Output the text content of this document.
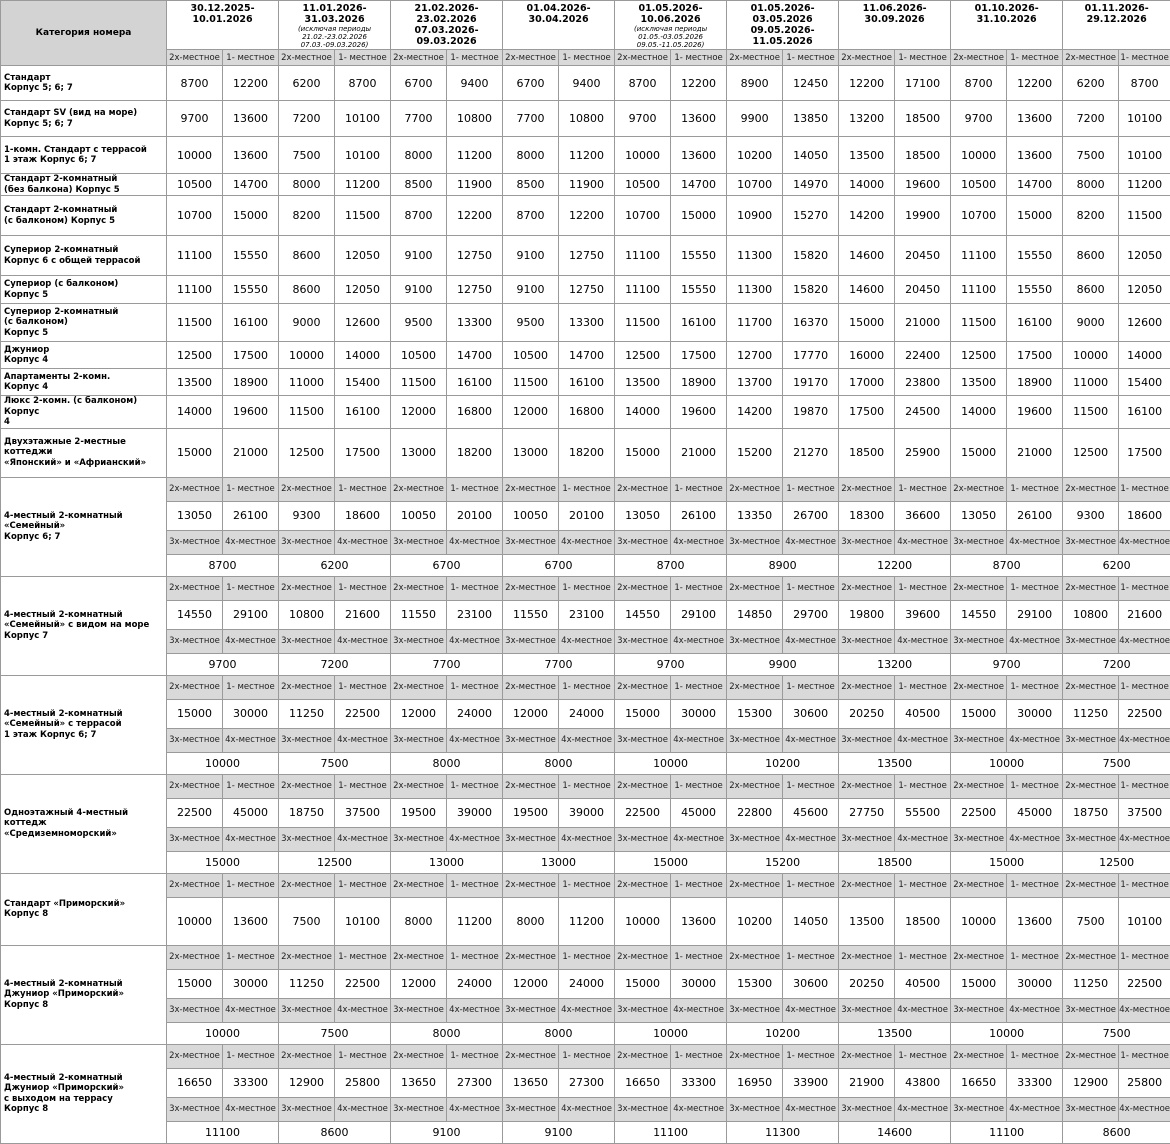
Категория номера	30.12.2025-10.01.2026		11.01.2026-31.03.2026
(исключая периоды
21.02.-23.02.2026
07.03.-09.03.2026)		21.02.2026-23.02.2026
07.03.2026-09.03.2026		01.04.2026-30.04.2026		01.05.2026-10.06.2026
(исключая периоды
01.05.-03.05.2026
09.05.-11.05.2026)		01.05.2026-03.05.2026
09.05.2026-11.05.2026		11.06.2026-30.09.2026		01.10.2026-31.10.2026		01.11.2026-29.12.2026	

	2х-местное	1- местное	2х-местное	1- местное	2х-местное	1- местное	2х-местное	1- местное	2х-местное	1- местное	2х-местное	1- местное	2х-местное	1- местное	2х-местное	1- местное	2х-местное	1- местное

Стандарт
Корпус 5; 6; 7	8700	12200	6200	8700	6700	9400	6700	9400	8700	12200	8900	12450	12200	17100	8700	12200	6200	8700

Стандарт SV (вид на море)
Корпус 5; 6; 7	9700	13600	7200	10100	7700	10800	7700	10800	9700	13600	9900	13850	13200	18500	9700	13600	7200	10100

1-комн. Стандарт с террасой
1 этаж Корпус 6; 7	10000	13600	7500	10100	8000	11200	8000	11200	10000	13600	10200	14050	13500	18500	10000	13600	7500	10100

Стандарт 2-комнатный
(без балкона) Корпус 5	10500	14700	8000	11200	8500	11900	8500	11900	10500	14700	10700	14970	14000	19600	10500	14700	8000	11200

Стандарт 2-комнатный
(с балконом) Корпус 5	10700	15000	8200	11500	8700	12200	8700	12200	10700	15000	10900	15270	14200	19900	10700	15000	8200	11500

Супериор 2-комнатный
Корпус 6 с общей террасой	11100	15550	8600	12050	9100	12750	9100	12750	11100	15550	11300	15820	14600	20450	11100	15550	8600	12050

Супериор (с балконом)
Корпус 5	11100	15550	8600	12050	9100	12750	9100	12750	11100	15550	11300	15820	14600	20450	11100	15550	8600	12050

Супериор 2-комнатный
(с балконом)
Корпус 5	11500	16100	9000	12600	9500	13300	9500	13300	11500	16100	11700	16370	15000	21000	11500	16100	9000	12600

Джуниор
Корпус 4	12500	17500	10000	14000	10500	14700	10500	14700	12500	17500	12700	17770	16000	22400	12500	17500	10000	14000

Апартаменты 2-комн.
Корпус 4	13500	18900	11000	15400	11500	16100	11500	16100	13500	18900	13700	19170	17000	23800	13500	18900	11000	15400

Люкс 2-комн. (с балконом) Корпус
4	14000	19600	11500	16100	12000	16800	12000	16800	14000	19600	14200	19870	17500	24500	14000	19600	11500	16100

Двухэтажные 2-местные коттеджи
«Японский» и «Африанский»	15000	21000	12500	17500	13000	18200	13000	18200	15000	21000	15200	21270	18500	25900	15000	21000	12500	17500

4-местный 2-комнатный
«Семейный»
Корпус 6; 7	2х-местное	1- местное	2х-местное	1- местное	2х-местное	1- местное	2х-местное	1- местное	2х-местное	1- местное	2х-местное	1- местное	2х-местное	1- местное	2х-местное	1- местное	2х-местное	1- местное
	13050	26100	9300	18600	10050	20100	10050	20100	13050	26100	13350	26700	18300	36600	13050	26100	9300	18600
	3х-местное	4х-местное	3х-местное	4х-местное	3х-местное	4х-местное	3х-местное	4х-местное	3х-местное	4х-местное	3х-местное	4х-местное	3х-местное	4х-местное	3х-местное	4х-местное	3х-местное	4х-местное
	8700		6200		6700		6700		8700		8900		12200		8700		6200	

4-местный 2-комнатный
«Семейный» с видом на море
Корпус 7	2х-местное	1- местное	2х-местное	1- местное	2х-местное	1- местное	2х-местное	1- местное	2х-местное	1- местное	2х-местное	1- местное	2х-местное	1- местное	2х-местное	1- местное	2х-местное	1- местное
	14550	29100	10800	21600	11550	23100	11550	23100	14550	29100	14850	29700	19800	39600	14550	29100	10800	21600
	3х-местное	4х-местное	3х-местное	4х-местное	3х-местное	4х-местное	3х-местное	4х-местное	3х-местное	4х-местное	3х-местное	4х-местное	3х-местное	4х-местное	3х-местное	4х-местное	3х-местное	4х-местное
	9700		7200		7700		7700		9700		9900		13200		9700		7200	

4-местный 2-комнатный
«Семейный» с террасой
1 этаж Корпус 6; 7	2х-местное	1- местное	2х-местное	1- местное	2х-местное	1- местное	2х-местное	1- местное	2х-местное	1- местное	2х-местное	1- местное	2х-местное	1- местное	2х-местное	1- местное	2х-местное	1- местное
	15000	30000	11250	22500	12000	24000	12000	24000	15000	30000	15300	30600	20250	40500	15000	30000	11250	22500
	3х-местное	4х-местное	3х-местное	4х-местное	3х-местное	4х-местное	3х-местное	4х-местное	3х-местное	4х-местное	3х-местное	4х-местное	3х-местное	4х-местное	3х-местное	4х-местное	3х-местное	4х-местное
	10000		7500		8000		8000		10000		10200		13500		10000		7500	

Одноэтажный 4-местный коттедж
«Средиземноморский»	2х-местное	1- местное	2х-местное	1- местное	2х-местное	1- местное	2х-местное	1- местное	2х-местное	1- местное	2х-местное	1- местное	2х-местное	1- местное	2х-местное	1- местное	2х-местное	1- местное
	22500	45000	18750	37500	19500	39000	19500	39000	22500	45000	22800	45600	27750	55500	22500	45000	18750	37500
	3х-местное	4х-местное	3х-местное	4х-местное	3х-местное	4х-местное	3х-местное	4х-местное	3х-местное	4х-местное	3х-местное	4х-местное	3х-местное	4х-местное	3х-местное	4х-местное	3х-местное	4х-местное
	15000		12500		13000		13000		15000		15200		18500		15000		12500	

Стандарт «Приморский»
Корпус 8	2х-местное	1- местное	2х-местное	1- местное	2х-местное	1- местное	2х-местное	1- местное	2х-местное	1- местное	2х-местное	1- местное	2х-местное	1- местное	2х-местное	1- местное	2х-местное	1- местное
	10000	13600	7500	10100	8000	11200	8000	11200	10000	13600	10200	14050	13500	18500	10000	13600	7500	10100

4-местный 2-комнатный
Джуниор «Приморский»
Корпус 8	2х-местное	1- местное	2х-местное	1- местное	2х-местное	1- местное	2х-местное	1- местное	2х-местное	1- местное	2х-местное	1- местное	2х-местное	1- местное	2х-местное	1- местное	2х-местное	1- местное
	15000	30000	11250	22500	12000	24000	12000	24000	15000	30000	15300	30600	20250	40500	15000	30000	11250	22500
	3х-местное	4х-местное	3х-местное	4х-местное	3х-местное	4х-местное	3х-местное	4х-местное	3х-местное	4х-местное	3х-местное	4х-местное	3х-местное	4х-местное	3х-местное	4х-местное	3х-местное	4х-местное
	10000		7500		8000		8000		10000		10200		13500		10000		7500	

4-местный 2-комнатный
Джуниор «Приморский»
с выходом на террасу
Корпус 8	2х-местное	1- местное	2х-местное	1- местное	2х-местное	1- местное	2х-местное	1- местное	2х-местное	1- местное	2х-местное	1- местное	2х-местное	1- местное	2х-местное	1- местное	2х-местное	1- местное
	16650	33300	12900	25800	13650	27300	13650	27300	16650	33300	16950	33900	21900	43800	16650	33300	12900	25800
	3х-местное	4х-местное	3х-местное	4х-местное	3х-местное	4х-местное	3х-местное	4х-местное	3х-местное	4х-местное	3х-местное	4х-местное	3х-местное	4х-местное	3х-местное	4х-местное	3х-местное	4х-местное
	11100		8600		9100		9100		11100		11300		14600		11100		8600	
